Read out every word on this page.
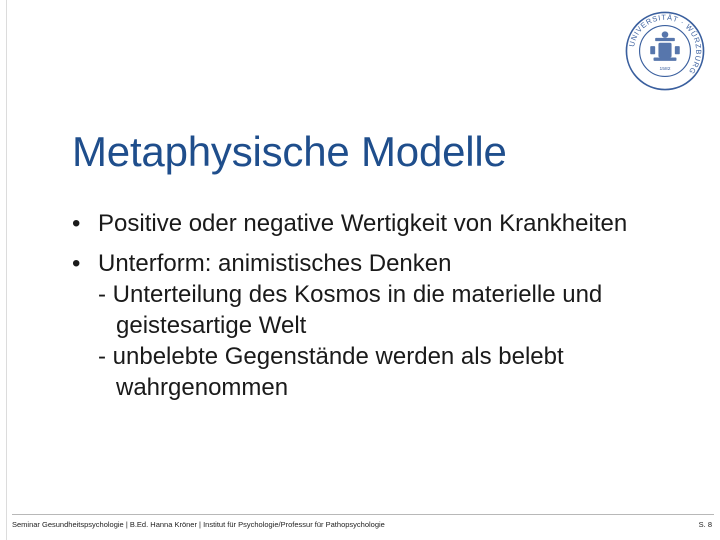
UNIVERSITÄT · WÜRZBURG
1582
Metaphysische Modelle

• Positive oder negative Wertigkeit von Krankheiten

• Unterform: animistisches Denken

- Unterteilung des Kosmos in die materielle und geistesartige Welt

- unbelebte Gegenstände werden als belebt wahrgenommen

Seminar Gesundheitspsychologie | B.Ed. Hanna Kröner | Institut für Psychologie/Professur für Pathopsychologie	S. 8
